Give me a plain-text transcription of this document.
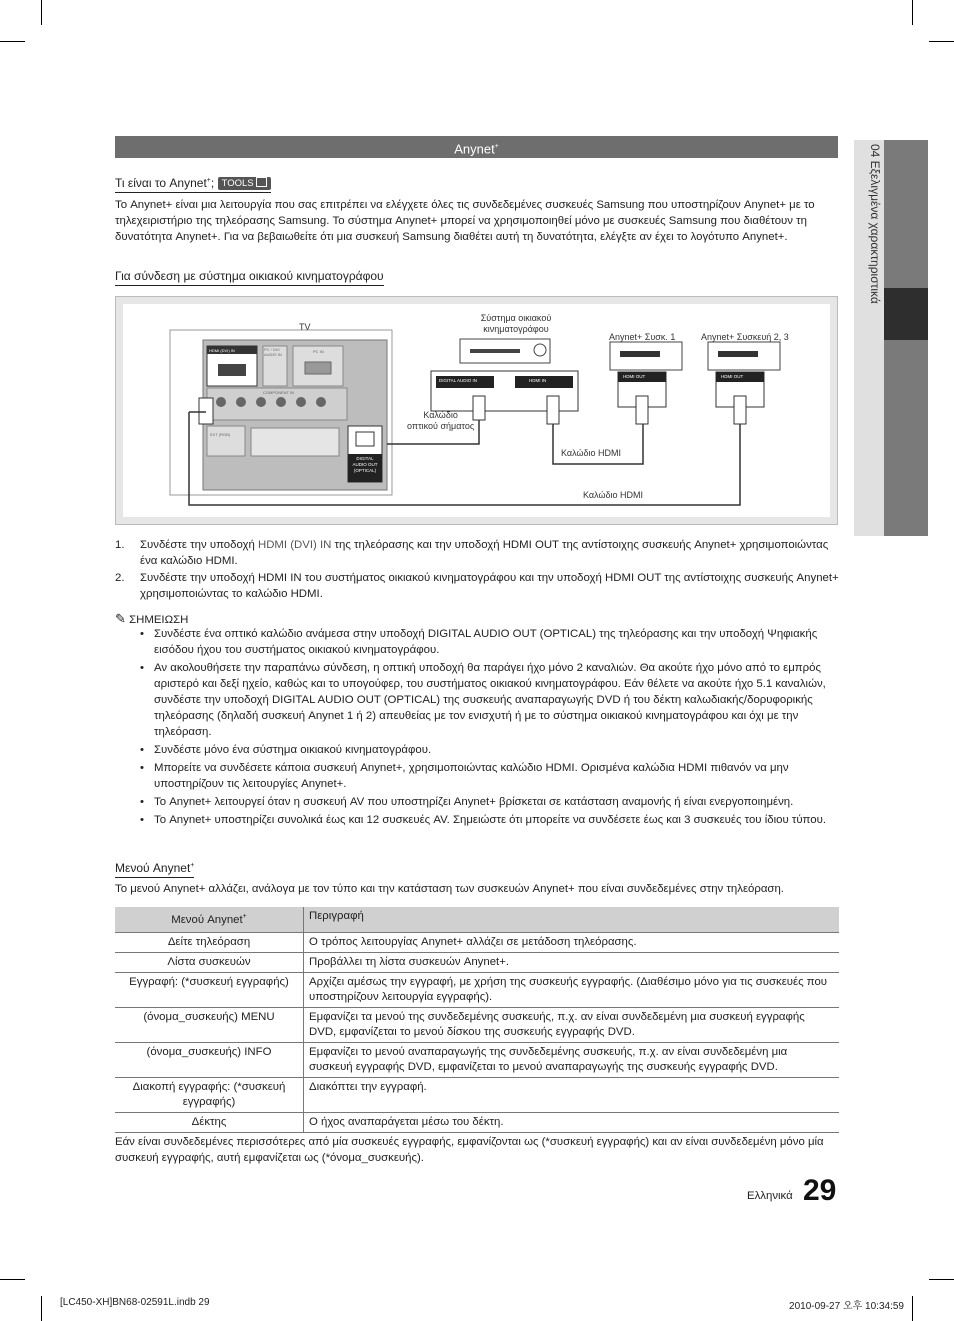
04 Εξελιγμένα χαρακτηριστικά
Anynet+
Τι είναι το Anynet+; TOOLS
Το Anynet+ είναι μια λειτουργία που σας επιτρέπει να ελέγχετε όλες τις συνδεδεμένες συσκευές Samsung που υποστηρίζουν Anynet+ με το τηλεχειριστήριο της τηλεόρασης Samsung. Το σύστημα Anynet+ μπορεί να χρησιμοποιηθεί μόνο με συσκευές Samsung που διαθέτουν τη δυνατότητα Anynet+. Για να βεβαιωθείτε ότι μια συσκευή Samsung διαθέτει αυτή τη δυνατότητα, ελέγξτε αν έχει το λογότυπο Anynet+.
Για σύνδεση με σύστημα οικιακού κινηματογράφου
TV
Σύστημα οικιακού
κινηματογράφου
Anynet+ Συσκ. 1	Anynet+ Συσκευή 2, 3
Καλώδιο
οπτικού σήματος
Καλώδιο HDMI
Καλώδιο HDMI
HDMI (DVI) IN	PC / DVI AUDIO IN
PC IN
COMPONENT IN
EXT (RGB)
DIGITAL
AUDIO OUT
(OPTICAL)
DIGITAL AUDIO IN	HDMI IN
HDMI OUT	HDMI OUT
1. Συνδέστε την υποδοχή HDMI (DVI) IN της τηλεόρασης και την υποδοχή HDMI OUT της αντίστοιχης συσκευής Anynet+ χρησιμοποιώντας ένα καλώδιο HDMI.
2. Συνδέστε την υποδοχή HDMI IN του συστήματος οικιακού κινηματογράφου και την υποδοχή HDMI OUT της αντίστοιχης συσκευής Anynet+ χρησιμοποιώντας το καλώδιο HDMI.
✎ ΣΗΜΕΙΩΣΗ
• Συνδέστε ένα οπτικό καλώδιο ανάμεσα στην υποδοχή DIGITAL AUDIO OUT (OPTICAL) της τηλεόρασης και την υποδοχή Ψηφιακής εισόδου ήχου του συστήματος οικιακού κινηματογράφου.
• Αν ακολουθήσετε την παραπάνω σύνδεση, η οπτική υποδοχή θα παράγει ήχο μόνο 2 καναλιών. Θα ακούτε ήχο μόνο από το εμπρός αριστερό και δεξί ηχείο, καθώς και το υπογούφερ, του συστήματος οικιακού κινηματογράφου. Εάν θέλετε να ακούτε ήχο 5.1 καναλιών, συνδέστε την υποδοχή DIGITAL AUDIO OUT (OPTICAL) της συσκευής αναπαραγωγής DVD ή του δέκτη καλωδιακής/δορυφορικής τηλεόρασης (δηλαδή συσκευή Anynet 1 ή 2) απευθείας με τον ενισχυτή ή με το σύστημα οικιακού κινηματογράφου και όχι με την τηλεόραση.
• Συνδέστε μόνο ένα σύστημα οικιακού κινηματογράφου.
• Μπορείτε να συνδέσετε κάποια συσκευή Anynet+, χρησιμοποιώντας καλώδιο HDMI. Ορισμένα καλώδια HDMI πιθανόν να μην υποστηρίζουν τις λειτουργίες Anynet+.
• Το Anynet+ λειτουργεί όταν η συσκευή AV που υποστηρίζει Anynet+ βρίσκεται σε κατάσταση αναμονής ή είναι ενεργοποιημένη.
• Το Anynet+ υποστηρίζει συνολικά έως και 12 συσκευές AV. Σημειώστε ότι μπορείτε να συνδέσετε έως και 3 συσκευές του ίδιου τύπου.
Μενού Anynet+
Το μενού Anynet+ αλλάζει, ανάλογα με τον τύπο και την κατάσταση των συσκευών Anynet+ που είναι συνδεδεμένες στην τηλεόραση.
Μενού Anynet+	Περιγραφή
Δείτε τηλεόραση	Ο τρόπος λειτουργίας Anynet+ αλλάζει σε μετάδοση τηλεόρασης.
Λίστα συσκευών	Προβάλλει τη λίστα συσκευών Anynet+.
Εγγραφή: (*συσκευή εγγραφής)	Αρχίζει αμέσως την εγγραφή, με χρήση της συσκευής εγγραφής. (Διαθέσιμο μόνο για τις συσκευές που υποστηρίζουν λειτουργία εγγραφής).
(όνομα_συσκευής) MENU	Εμφανίζει τα μενού της συνδεδεμένης συσκευής, π.χ. αν είναι συνδεδεμένη μια συσκευή εγγραφής DVD, εμφανίζεται το μενού δίσκου της συσκευής εγγραφής DVD.
(όνομα_συσκευής) INFO	Εμφανίζει το μενού αναπαραγωγής της συνδεδεμένης συσκευής, π.χ. αν είναι συνδεδεμένη μια συσκευή εγγραφής DVD, εμφανίζεται το μενού αναπαραγωγής της συσκευής εγγραφής DVD.
Διακοπή εγγραφής: (*συσκευή εγγραφής)	Διακόπτει την εγγραφή.
Δέκτης	Ο ήχος αναπαράγεται μέσω του δέκτη.
Εάν είναι συνδεδεμένες περισσότερες από μία συσκευές εγγραφής, εμφανίζονται ως (*συσκευή εγγραφής) και αν είναι συνδεδεμένη μόνο μία συσκευή εγγραφής, αυτή εμφανίζεται ως (*όνομα_συσκευής).
Ελληνικά 29
[LC450-XH]BN68-02591L.indb 29	2010-09-27 오후 10:34:59
